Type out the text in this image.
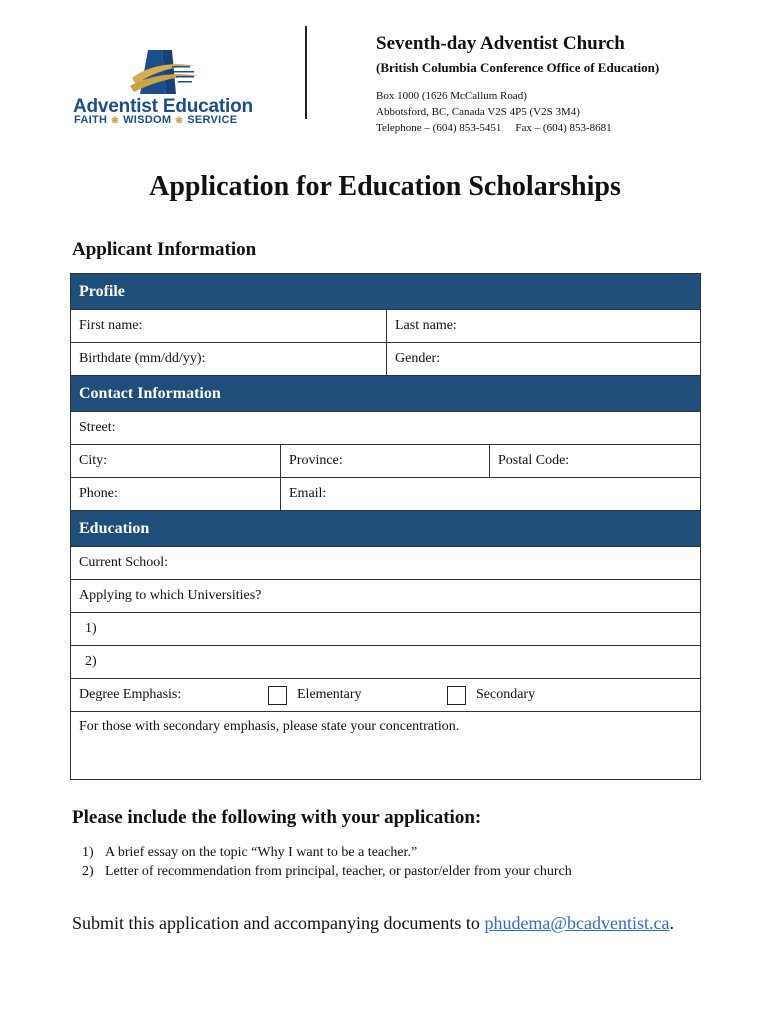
Adventist Education
FAITH ❀ WISDOM ❀ SERVICE

Seventh-day Adventist Church

(British Columbia Conference Office of Education)

Box 1000 (1626 McCallum Road)
Abbotsford, BC, Canada V2S 4P5 (V2S 3M4)
Telephone – (604) 853-5451 Fax – (604) 853-8681

Application for Education Scholarships
Applicant Information
Profile
First name:	Last name:
Birthdate (mm/dd/yy):	Gender:
Contact Information
Street:
City:	Province:	Postal Code:
Phone:	Email:
Education
Current School:
Applying to which Universities?
1)
2)
Degree Emphasis:	Elementary	Secondary
For those with secondary emphasis, please state your concentration.
Please include the following with your application:
1) A brief essay on the topic “Why I want to be a teacher.”
2) Letter of recommendation from principal, teacher, or pastor/elder from your church
Submit this application and accompanying documents to phudema@bcadventist.ca.
